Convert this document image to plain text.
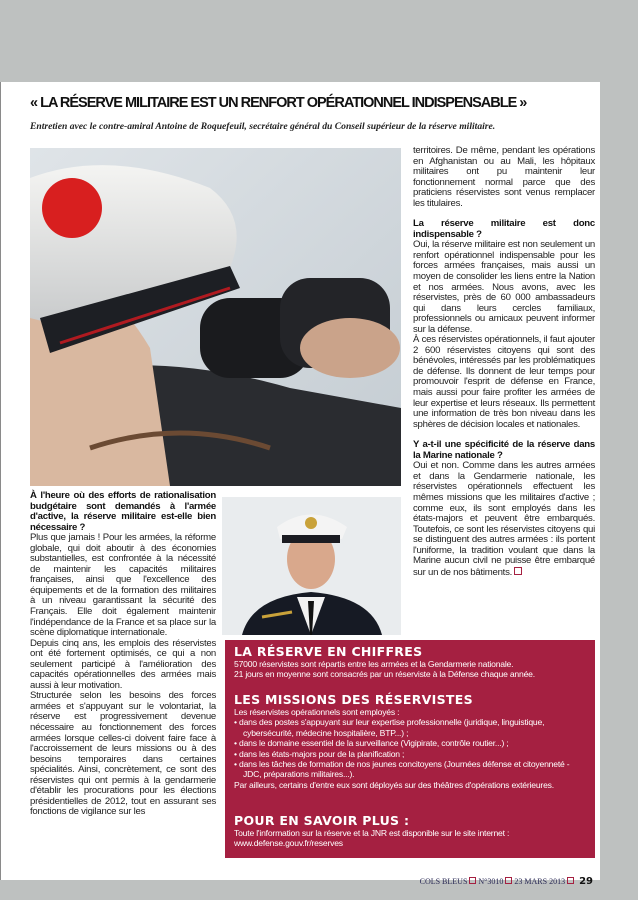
« LA RÉSERVE MILITAIRE EST UN RENFORT OPÉRATIONNEL INDISPENSABLE »
Entretien avec le contre-amiral Antoine de Roquefeuil, secrétaire général du Conseil supérieur de la réserve militaire.

À l'heure où des efforts de rationalisation budgétaire sont demandés à l'armée d'active, la réserve militaire est-elle bien nécessaire ?

Plus que jamais ! Pour les armées, la réforme globale, qui doit aboutir à des économies substantielles, est confrontée à la nécessité de maintenir les capacités militaires françaises, ainsi que l'excellence des équipements et de la formation des militaires à un niveau garantissant la sécurité des Français. Elle doit également maintenir l'indépendance de la France et sa place sur la scène diplomatique internationale.

Depuis cinq ans, les emplois des réservistes ont été fortement optimisés, ce qui a non seulement participé à l'amélioration des capacités opérationnelles des armées mais aussi à leur motivation.

Structurée selon les besoins des forces armées et s'appuyant sur le volontariat, la réserve est progressivement devenue nécessaire au fonctionnement des forces armées lorsque celles-ci doivent faire face à l'accroissement de leurs missions ou à des besoins temporaires dans certaines spécialités. Ainsi, concrètement, ce sont des réservistes qui ont permis à la gendarmerie d'établir les procurations pour les élections présidentielles de 2012, tout en assurant ses fonctions de vigilance sur les

territoires. De même, pendant les opérations en Afghanistan ou au Mali, les hôpitaux militaires ont pu maintenir leur fonctionnement normal parce que des praticiens réservistes sont venus remplacer les titulaires.

La réserve militaire est donc indispensable ?

Oui, la réserve militaire est non seulement un renfort opérationnel indispensable pour les forces armées françaises, mais aussi un moyen de consolider les liens entre la Nation et nos armées. Nous avons, avec les réservistes, près de 60 000 ambassadeurs qui dans leurs cercles familiaux, professionnels ou amicaux peuvent informer sur la défense.

À ces réservistes opérationnels, il faut ajouter 2 600 réservistes citoyens qui sont des bénévoles, intéressés par les problématiques de défense. Ils donnent de leur temps pour promouvoir l'esprit de défense en France, mais aussi pour faire profiter les armées de leur expertise et leurs réseaux. Ils permettent une information de très bon niveau dans les sphères de décision locales et nationales.

Y a-t-il une spécificité de la réserve dans la Marine nationale ?

Oui et non. Comme dans les autres armées et dans la Gendarmerie nationale, les réservistes opérationnels effectuent les mêmes missions que les militaires d'active ; comme eux, ils sont employés dans les états-majors et peuvent être embarqués. Toutefois, ce sont les réservistes citoyens qui se distinguent des autres armées : ils portent l'uniforme, la tradition voulant que dans la Marine aucun civil ne puisse être embarqué sur un de nos bâtiments.

LA RÉSERVE EN CHIFFRES

57000 réservistes sont répartis entre les armées et la Gendarmerie nationale.

21 jours en moyenne sont consacrés par un réserviste à la Défense chaque année.

LES MISSIONS DES RÉSERVISTES

Les réservistes opérationnels sont employés :

• dans des postes s'appuyant sur leur expertise professionnelle (juridique, linguistique, cybersécurité, médecine hospitalière, BTP...) ;

• dans le domaine essentiel de la surveillance (Vigipirate, contrôle routier...) ;

• dans les états-majors pour de la planification ;

• dans les tâches de formation de nos jeunes concitoyens (Journées défense et citoyenneté - JDC, préparations militaires...).

Par ailleurs, certains d'entre eux sont déployés sur des théâtres d'opérations extérieures.

POUR EN SAVOIR PLUS :

Toute l'information sur la réserve et la JNR est disponible sur le site internet :

www.defense.gouv.fr/reserves

COLS BLEUS N°3010 23 MARS 2013 29
